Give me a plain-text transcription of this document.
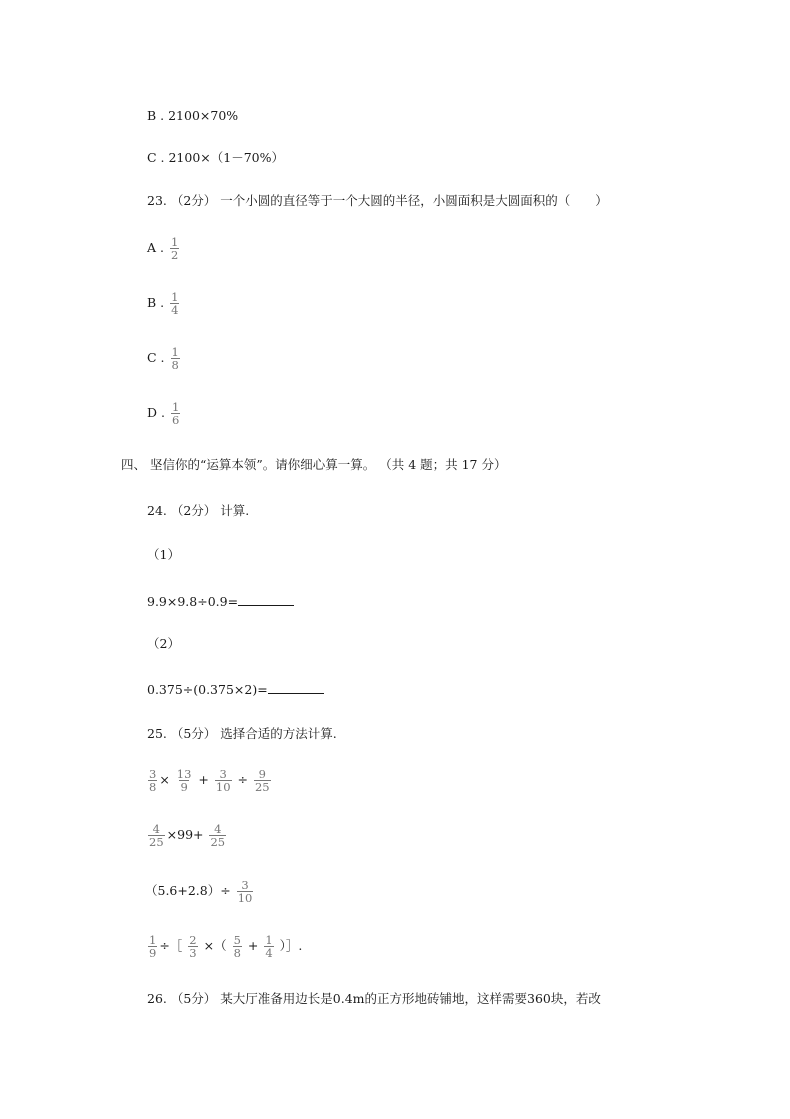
B . 2100×70%
C . 2100×（1－70%）
23. （2分） 一个小圆的直径等于一个大圆的半径，小圆面积是大圆面积的（　　）
A . $\frac{1}{2}$
B . $\frac{1}{4}$
C . $\frac{1}{8}$
D . $\frac{1}{6}$
四、 坚信你的“运算本领”。请你细心算一算。 （共 4 题；共 17 分）
24. （2分） 计算.
（1）
9.9×9.8÷0.9=
（2）
0.375÷(0.375×2)=
25. （5分） 选择合适的方法计算.
$\frac{3}{8} \times \frac{13}{9} + \frac{3}{10} \div \frac{9}{25}$
$\frac{4}{25} \times 99+ \frac{4}{25}$
$(5.6+2.8)\div \frac{3}{10}$
$\frac{1}{9}$ ÷［ $\frac{2}{3}$ ×（ $\frac{5}{8} + \frac{1}{4}$ ）］.
26. （5分） 某大厅准备用边长是0.4m的正方形地砖铺地，这样需要360块，若改
